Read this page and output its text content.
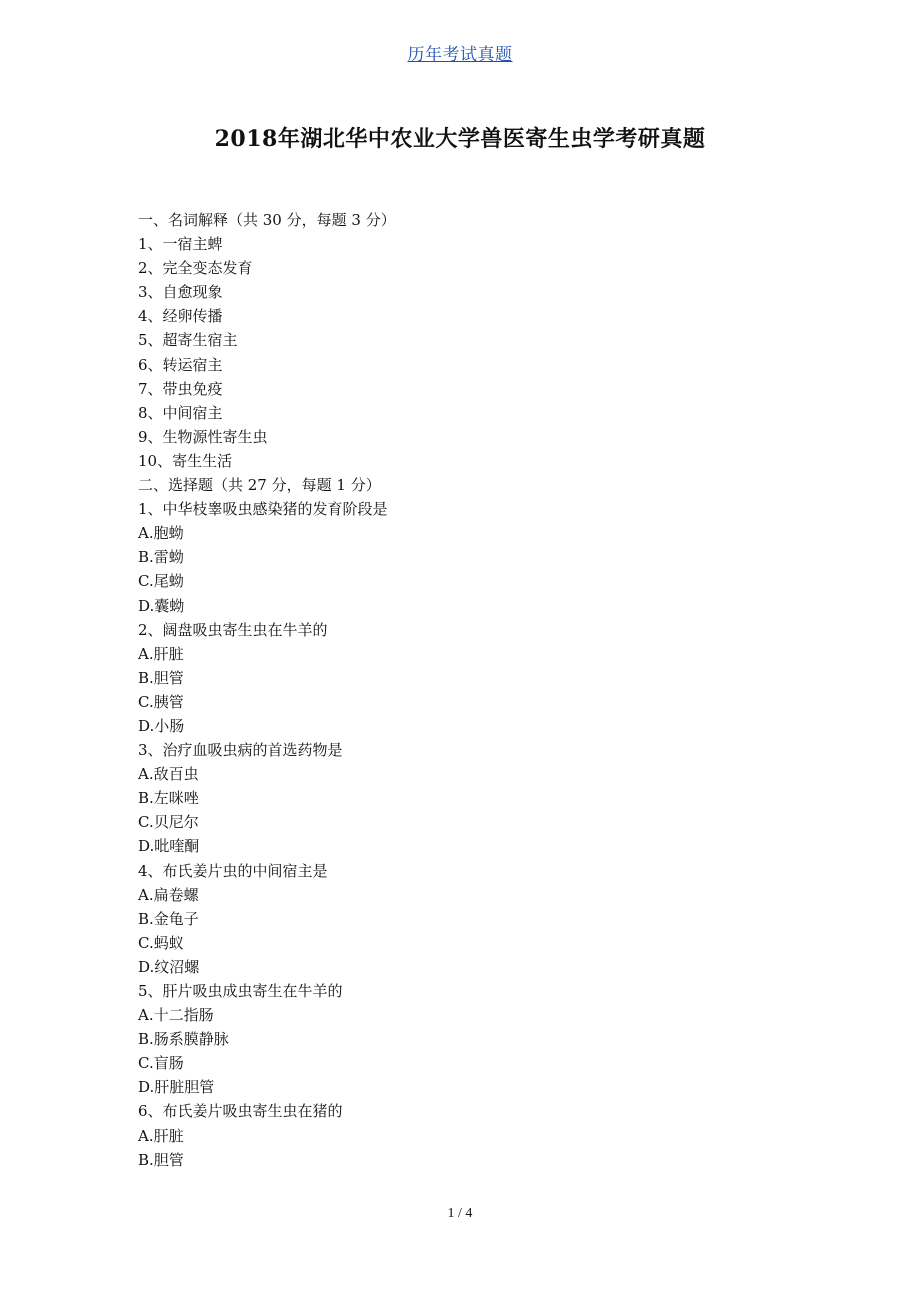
历年考试真题
2018年湖北华中农业大学兽医寄生虫学考研真题
一、名词解释（共 30 分，每题 3 分）
1、一宿主蜱
2、完全变态发育
3、自愈现象
4、经卵传播
5、超寄生宿主
6、转运宿主
7、带虫免疫
8、中间宿主
9、生物源性寄生虫
10、寄生生活
二、选择题（共 27 分，每题 1 分）
1、中华枝睾吸虫感染猪的发育阶段是
A.胞蚴
B.雷蚴
C.尾蚴
D.囊蚴
2、阔盘吸虫寄生虫在牛羊的
A.肝脏
B.胆管
C.胰管
D.小肠
3、治疗血吸虫病的首选药物是
A.敌百虫
B.左咪唑
C.贝尼尔
D.吡喹酮
4、布氏姜片虫的中间宿主是
A.扁卷螺
B.金龟子
C.蚂蚁
D.纹沼螺
5、肝片吸虫成虫寄生在牛羊的
A.十二指肠
B.肠系膜静脉
C.盲肠
D.肝脏胆管
6、布氏姜片吸虫寄生虫在猪的
A.肝脏
B.胆管
1 / 4
